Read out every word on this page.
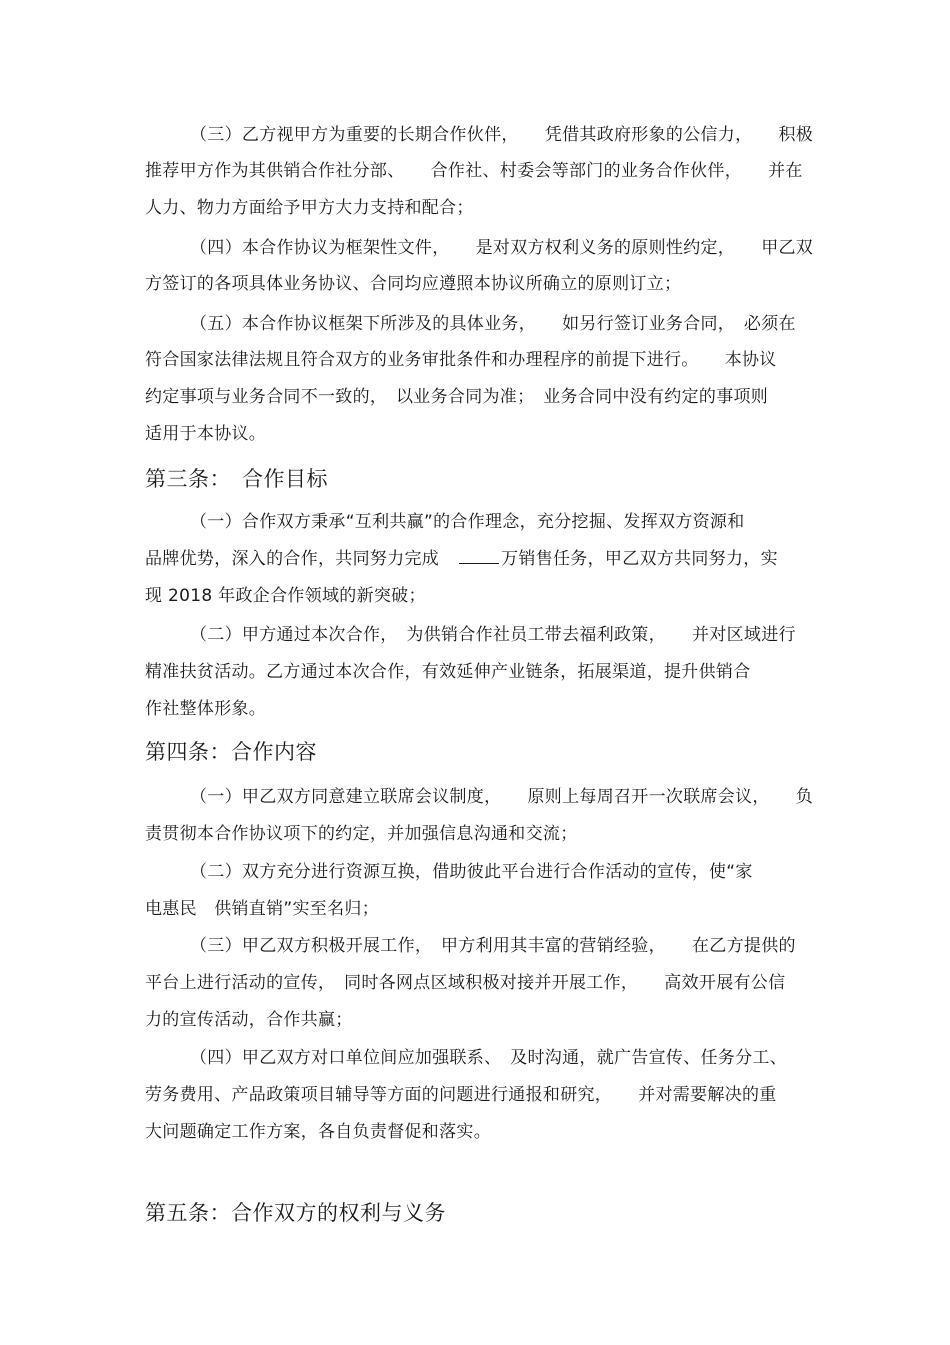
（三）乙方视甲方为重要的长期合作伙伴，　　凭借其政府形象的公信力，　　积极
推荐甲方作为其供销合作社分部、　　合作社、村委会等部门的业务合作伙伴，　　并在
人力、物力方面给予甲方大力支持和配合；
（四）本合作协议为框架性文件，　　是对双方权利义务的原则性约定，　　甲乙双
方签订的各项具体业务协议、合同均应遵照本协议所确立的原则订立；
（五）本合作协议框架下所涉及的具体业务，　　如另行签订业务合同，　必须在
符合国家法律法规且符合双方的业务审批条件和办理程序的前提下进行。　　本协议
约定事项与业务合同不一致的，　以业务合同为准；　业务合同中没有约定的事项则
适用于本协议。
第三条：　合作目标
（一）合作双方秉承“互利共赢”的合作理念，充分挖掘、发挥双方资源和
品牌优势，深入的合作，共同努力完成	万销售任务，甲乙双方共同努力，实
现 2018 年政企合作领域的新突破；
（二）甲方通过本次合作，　为供销合作社员工带去福利政策，　　并对区域进行
精准扶贫活动。乙方通过本次合作，有效延伸产业链条，拓展渠道，提升供销合
作社整体形象。
第四条：合作内容
（一）甲乙双方同意建立联席会议制度，　　原则上每周召开一次联席会议，　　负
责贯彻本合作协议项下的约定，并加强信息沟通和交流；
（二）双方充分进行资源互换，借助彼此平台进行合作活动的宣传，使“家
电惠民　供销直销”实至名归；
（三）甲乙双方积极开展工作，　甲方利用其丰富的营销经验，　　在乙方提供的
平台上进行活动的宣传，　同时各网点区域积极对接并开展工作，　　高效开展有公信
力的宣传活动，合作共赢；
（四）甲乙双方对口单位间应加强联系、　及时沟通，就广告宣传、任务分工、
劳务费用、产品政策项目辅导等方面的问题进行通报和研究，　　并对需要解决的重
大问题确定工作方案，各自负责督促和落实。
第五条：合作双方的权利与义务
